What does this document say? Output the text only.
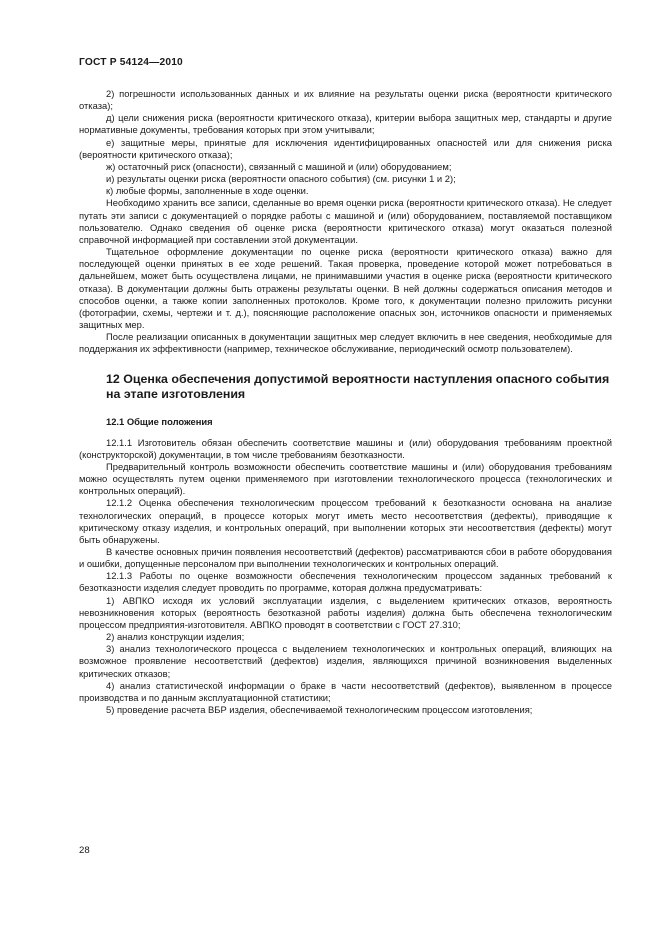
ГОСТ Р 54124—2010

2) погрешности использованных данных и их влияние на результаты оценки риска (вероятности критического отказа);

д) цели снижения риска (вероятности критического отказа), критерии выбора защитных мер, стандарты и другие нормативные документы, требования которых при этом учитывали;

е) защитные меры, принятые для исключения идентифицированных опасностей или для снижения риска (вероятности критического отказа);

ж) остаточный риск (опасности), связанный с машиной и (или) оборудованием;

и) результаты оценки риска (вероятности опасного события) (см. рисунки 1 и 2);

к) любые формы, заполненные в ходе оценки.

Необходимо хранить все записи, сделанные во время оценки риска (вероятности критического отказа). Не следует путать эти записи с документацией о порядке работы с машиной и (или) оборудованием, поставляемой поставщиком пользователю. Однако сведения об оценке риска (вероятности критического отказа) могут оказаться полезной справочной информацией при составлении этой документации.

Тщательное оформление документации по оценке риска (вероятности критического отказа) важно для последующей оценки принятых в ее ходе решений. Такая проверка, проведение которой может потребоваться в дальнейшем, может быть осуществлена лицами, не принимавшими участия в оценке риска (вероятности критического отказа). В документации должны быть отражены результаты оценки. В ней должны содержаться описания методов и способов оценки, а также копии заполненных протоколов. Кроме того, к документации полезно приложить рисунки (фотографии, схемы, чертежи и т. д.), поясняющие расположение опасных зон, источников опасности и применяемых защитных мер.

После реализации описанных в документации защитных мер следует включить в нее сведения, необходимые для поддержания их эффективности (например, техническое обслуживание, периодический осмотр пользователем).

12 Оценка обеспечения допустимой вероятности наступления опасного события на этапе изготовления
12.1 Общие положения

12.1.1 Изготовитель обязан обеспечить соответствие машины и (или) оборудования требованиям проектной (конструкторской) документации, в том числе требованиям безотказности.

Предварительный контроль возможности обеспечить соответствие машины и (или) оборудования требованиям можно осуществлять путем оценки применяемого при изготовлении технологического процесса (технологических и контрольных операций).

12.1.2 Оценка обеспечения технологическим процессом требований к безотказности основана на анализе технологических операций, в процессе которых могут иметь место несоответствия (дефекты), приводящие к критическому отказу изделия, и контрольных операций, при выполнении которых эти несоответствия (дефекты) могут быть обнаружены.

В качестве основных причин появления несоответствий (дефектов) рассматриваются сбои в работе оборудования и ошибки, допущенные персоналом при выполнении технологических и контрольных операций.

12.1.3 Работы по оценке возможности обеспечения технологическим процессом заданных требований к безотказности изделия следует проводить по программе, которая должна предусматривать:

1) АВПКО исходя их условий эксплуатации изделия, с выделением критических отказов, вероятность невозникновения которых (вероятность безотказной работы изделия) должна быть обеспечена технологическим процессом предприятия-изготовителя. АВПКО проводят в соответствии с ГОСТ 27.310;

2) анализ конструкции изделия;

3) анализ технологического процесса с выделением технологических и контрольных операций, влияющих на возможное проявление несоответствий (дефектов) изделия, являющихся причиной возникновения выделенных критических отказов;

4) анализ статистической информации о браке в части несоответствий (дефектов), выявленном в процессе производства и по данным эксплуатационной статистики;

5) проведение расчета ВБР изделия, обеспечиваемой технологическим процессом изготовления;

28
